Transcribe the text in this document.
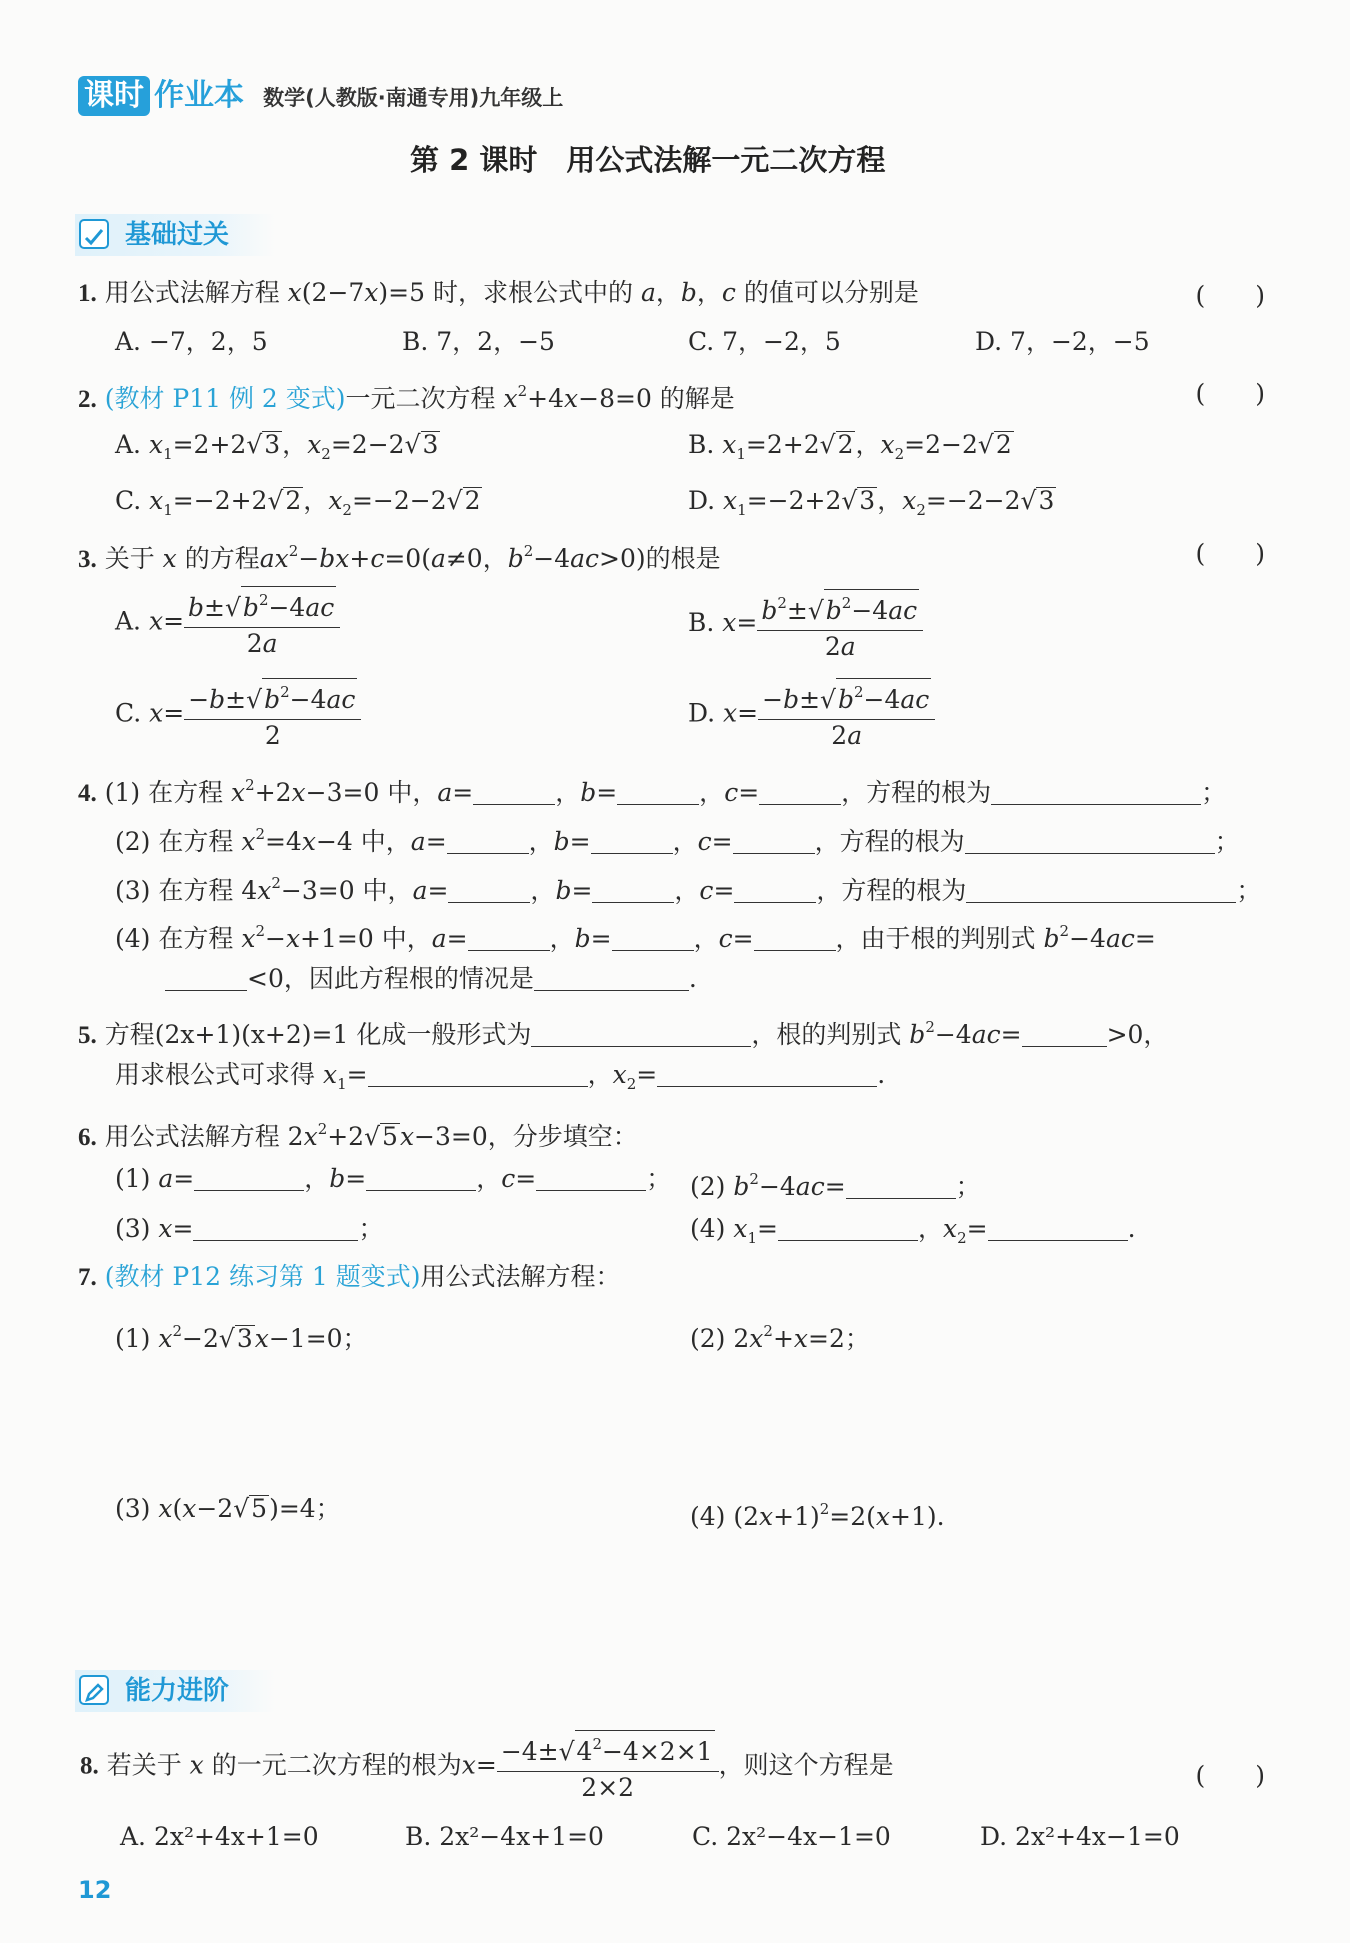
课时 作业本 数学(人教版·南通专用)九年级上
第 2 课时　用公式法解一元二次方程
基础过关
1. 用公式法解方程 x(2−7x)=5 时，求根公式中的 a，b，c 的值可以分别是	(　　)
A. −7，2，5	B. 7，2，−5	C. 7，−2，5	D. 7，−2，−5
2. (教材 P11 例 2 变式)一元二次方程 $x^2+4x-8=0$ 的解是	(　　)
A. $x_1=2+2√3$，$x_2=2-2√3$	B. $x_1=2+2√2$，$x_2=2-2√2$
C. $x_1=-2+2√2$，$x_2=-2-2√2$	D. $x_1=-2+2√3$，$x_2=-2-2√3$
3. 关于 x 的方程$ax^2-bx+c=0(a\ne 0$，$b^2-4ac>0$)的根是	(　　)
A. $x= \frac{b\pm√b^2-4ac}{2a}$	B. $x= \frac{b^2\pm√b^2-4ac}{2a}$
C. $x= \frac{-b\pm√b^2-4ac}{2}$	D. $x= \frac{-b\pm√b^2-4ac}{2a}$
4. (1) 在方程 $x^2+2x-3=0$ 中，a=	，b=	，c=	，方程的根为	；
(2) 在方程 $x^2=4x-4$ 中，a=	，b=	，c=	，方程的根为	；
(3) 在方程 $4x^2-3=0$ 中，a=	，b=	，c=	，方程的根为	；
(4) 在方程 $x^2-x+1=0$ 中，a=	，b=	，c=	，由于根的判别式 $b^2-4ac=$
<0，因此方程根的情况是	.
5. 方程(2x+1)(x+2)=1 化成一般形式为	，根的判别式 $b^2-4ac=$	>0，
用求根公式可求得 $x_1=$	，$x_2=$	.
6. 用公式法解方程 $2x^2+2√5x-3=0$，分步填空：
(1) a=	，b=	，c=	； (2) $b^2-4ac=$	；
(3) x=	；	(4) $x_1=$	，$x_2=$	.
7. (教材 P12 练习第 1 题变式)用公式法解方程：
(1) $x^2-2√3x-1=0$；	(2) $2x^2+x=2$；
(3) x(x−2√5)=4；	(4) $(2x+1)^2=2(x+1)$.
能力进阶
8. 若关于 x 的一元二次方程的根为$x= \frac{-4\pm√4^2-4\times 2\times 1}{2\times 2}$ ，则这个方程是	(　　)
A. 2x²+4x+1=0	B. 2x²−4x+1=0	C. 2x²−4x−1=0	D. 2x²+4x−1=0
12
